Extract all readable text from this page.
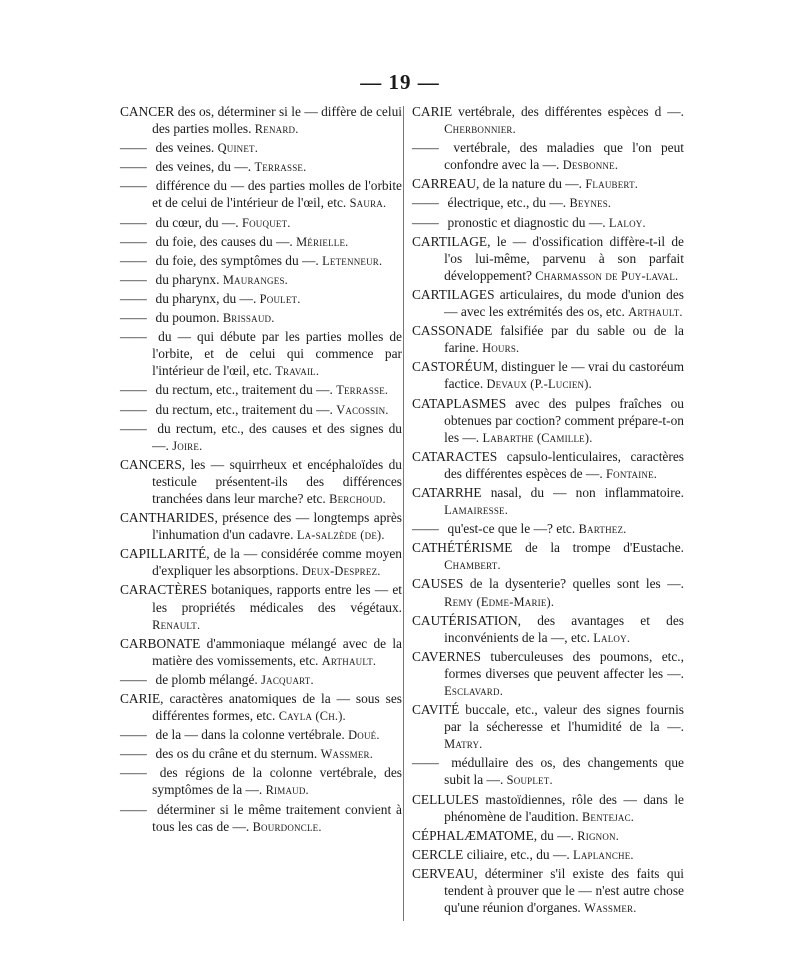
— 19 —
CANCER des os, déterminer si le — diffère de celui des parties molles. Renard.
—— des veines. Quinet.
—— des veines, du —. Terrasse.
—— différence du — des parties molles de l'orbite et de celui de l'intérieur de l'œil, etc. Saura.
—— du cœur, du —. Fouquet.
—— du foie, des causes du —. Mérielle.
—— du foie, des symptômes du —. Letenneur.
—— du pharynx. Mauranges.
—— du pharynx, du —. Poulet.
—— du poumon. Brissaud.
—— du — qui débute par les parties molles de l'orbite, et de celui qui commence par l'intérieur de l'œil, etc. Travail.
—— du rectum, etc., traitement du —. Terrasse.
—— du rectum, etc., traitement du —. Vacossin.
—— du rectum, etc., des causes et des signes du —. Joire.
CANCERS, les — squirrheux et encéphaloïdes du testicule présentent-ils des différences tranchées dans leur marche? etc. Berchoud.
CANTHARIDES, présence des — longtemps après l'inhumation d'un cadavre. La-salzède (de).
CAPILLARITÉ, de la — considérée comme moyen d'expliquer les absorptions. Deux-Desprez.
CARACTÈRES botaniques, rapports entre les — et les propriétés médicales des végétaux. Renault.
CARBONATE d'ammoniaque mélangé avec de la matière des vomissements, etc. Arthault.
—— de plomb mélangé. Jacquart.
CARIE, caractères anatomiques de la — sous ses différentes formes, etc. Cayla (Ch.).
—— de la — dans la colonne vertébrale. Doué.
—— des os du crâne et du sternum. Wassmer.
—— des régions de la colonne vertébrale, des symptômes de la —. Rimaud.
—— déterminer si le même traitement convient à tous les cas de —. Bourdoncle.
CARIE vertébrale, des différentes espèces d —. Cherbonnier.
—— vertébrale, des maladies que l'on peut confondre avec la —. Desbonne.
CARREAU, de la nature du —. Flaubert.
—— électrique, etc., du —. Beynes.
—— pronostic et diagnostic du —. Laloy.
CARTILAGE, le — d'ossification diffère-t-il de l'os lui-même, parvenu à son parfait développement? Charmasson de Puy-laval.
CARTILAGES articulaires, du mode d'union des — avec les extrémités des os, etc. Arthault.
CASSONADE falsifiée par du sable ou de la farine. Hours.
CASTORÉUM, distinguer le — vrai du castoréum factice. Devaux (P.-Lucien).
CATAPLASMES avec des pulpes fraîches ou obtenues par coction? comment prépare-t-on les —. Labarthe (Camille).
CATARACTES capsulo-lenticulaires, caractères des différentes espèces de —. Fontaine.
CATARRHE nasal, du — non inflammatoire. Lamairesse.
—— qu'est-ce que le —? etc. Barthez.
CATHÉTÉRISME de la trompe d'Eustache. Chambert.
CAUSES de la dysenterie? quelles sont les —. Remy (Edme-Marie).
CAUTÉRISATION, des avantages et des inconvénients de la —, etc. Laloy.
CAVERNES tuberculeuses des poumons, etc., formes diverses que peuvent affecter les —. Esclavard.
CAVITÉ buccale, etc., valeur des signes fournis par la sécheresse et l'humidité de la —. Matry.
—— médullaire des os, des changements que subit la —. Souplet.
CELLULES mastoïdiennes, rôle des — dans le phénomène de l'audition. Bentejac.
CÉPHALÆMATOME, du —. Rignon.
CERCLE ciliaire, etc., du —. Laplanche.
CERVEAU, déterminer s'il existe des faits qui tendent à prouver que le — n'est autre chose qu'une réunion d'organes. Wassmer.
